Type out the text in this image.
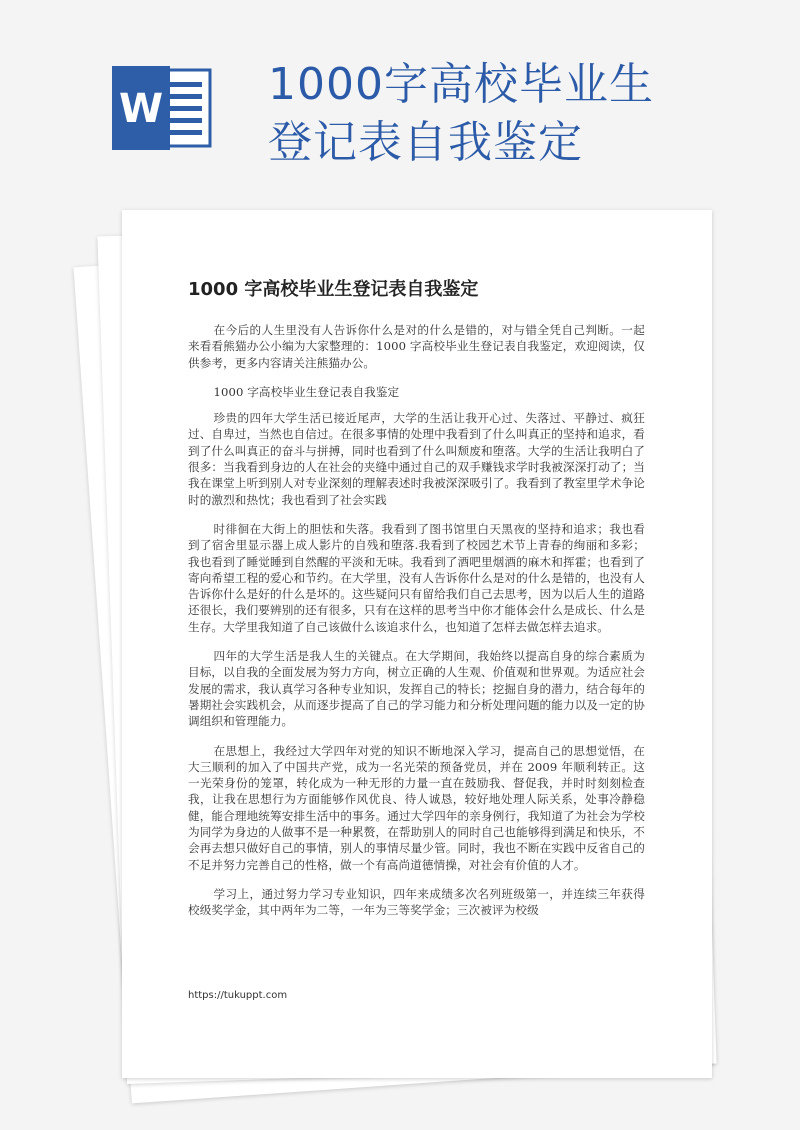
W 1000字高校毕业生
登记表自我鉴定
1000 字高校毕业生登记表自我鉴定

在今后的人生里没有人告诉你什么是对的什么是错的，对与错全凭自己判断。一起来看看熊猫办公小编为大家整理的：1000 字高校毕业生登记表自我鉴定，欢迎阅读，仅供参考，更多内容请关注熊猫办公。

1000 字高校毕业生登记表自我鉴定

珍贵的四年大学生活已接近尾声，大学的生活让我开心过、失落过、平静过、疯狂过、自卑过，当然也自信过。在很多事情的处理中我看到了什么叫真正的坚持和追求，看到了什么叫真正的奋斗与拼搏，同时也看到了什么叫颓废和堕落。大学的生活让我明白了很多：当我看到身边的人在社会的夹缝中通过自己的双手赚钱求学时我被深深打动了；当我在课堂上听到别人对专业深刻的理解表述时我被深深吸引了。我看到了教室里学术争论时的激烈和热忱；我也看到了社会实践

时徘徊在大街上的胆怯和失落。我看到了图书馆里白天黑夜的坚持和追求；我也看到了宿舍里显示器上成人影片的自残和堕落.我看到了校园艺术节上青春的绚丽和多彩；我也看到了睡觉睡到自然醒的平淡和无味。我看到了酒吧里烟酒的麻木和挥霍；也看到了寄向希望工程的爱心和节约。在大学里，没有人告诉你什么是对的什么是错的，也没有人告诉你什么是好的什么是坏的。这些疑问只有留给我们自己去思考，因为以后人生的道路还很长，我们要辨别的还有很多，只有在这样的思考当中你才能体会什么是成长、什么是生存。大学里我知道了自己该做什么该追求什么，也知道了怎样去做怎样去追求。

四年的大学生活是我人生的关键点。在大学期间，我始终以提高自身的综合素质为目标，以自我的全面发展为努力方向，树立正确的人生观、价值观和世界观。为适应社会发展的需求，我认真学习各种专业知识，发挥自己的特长；挖掘自身的潜力，结合每年的暑期社会实践机会，从而逐步提高了自己的学习能力和分析处理问题的能力以及一定的协调组织和管理能力。

在思想上，我经过大学四年对党的知识不断地深入学习，提高自己的思想觉悟，在大三顺利的加入了中国共产党，成为一名光荣的预备党员，并在 2009 年顺利转正。这一光荣身份的笼罩，转化成为一种无形的力量一直在鼓励我、督促我，并时时刻刻检查我，让我在思想行为方面能够作风优良、待人诚恳，较好地处理人际关系，处事冷静稳健，能合理地统筹安排生活中的事务。通过大学四年的亲身例行，我知道了为社会为学校为同学为身边的人做事不是一种累赘，在帮助别人的同时自己也能够得到满足和快乐，不会再去想只做好自己的事情，别人的事情尽量少管。同时，我也不断在实践中反省自己的不足并努力完善自己的性格，做一个有高尚道德情操，对社会有价值的人才。

学习上，通过努力学习专业知识，四年来成绩多次名列班级第一，并连续三年获得校级奖学金，其中两年为二等，一年为三等奖学金；三次被评为校级

https://tukuppt.com
